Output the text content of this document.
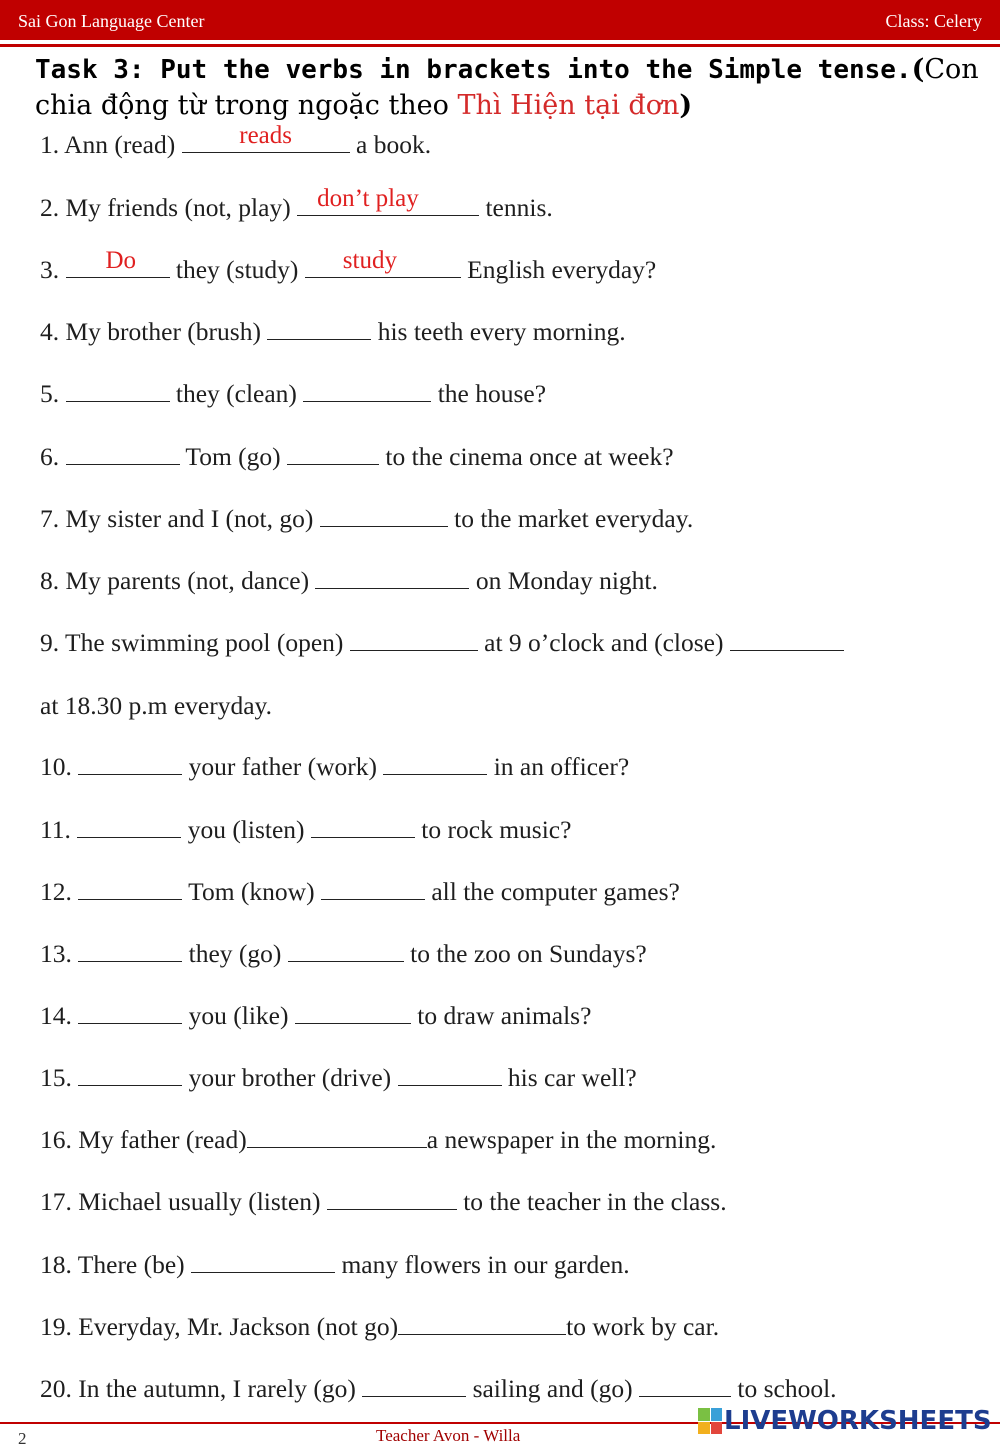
Sai Gon Language Center	Class: Celery
Task 3: Put the verbs in brackets into the Simple tense.(Con chia động từ trong ngoặc theo Thì Hiện tại đơn)
1. Ann (read)	reads	a book.
2. My friends (not, play) don’t play	tennis.
3. Do	they (study) study	English everyday?
4. My brother (brush)	his teeth every morning.
5.	they (clean)	the house?
6.	Tom (go)	to the cinema once at week?
7. My sister and I (not, go)	to the market everyday.
8. My parents (not, dance)	on Monday night.
9. The swimming pool (open)	at 9 o’clock and (close)
at 18.30 p.m everyday.
10.	your father (work)	in an officer?
11.	you (listen)	to rock music?
12.	Tom (know)	all the computer games?
13.	they (go)	to the zoo on Sundays?
14.	you (like)	to draw animals?
15.	your brother (drive)	his car well?
16. My father (read)	a newspaper in the morning.
17. Michael usually (listen)	to the teacher in the class.
18. There (be)	many flowers in our garden.
19. Everyday, Mr. Jackson (not go)	to work by car.
20. In the autumn, I rarely (go)	sailing and (go)	to school.
2	Teacher Avon - Willa	LIVEWORKSHEETS
